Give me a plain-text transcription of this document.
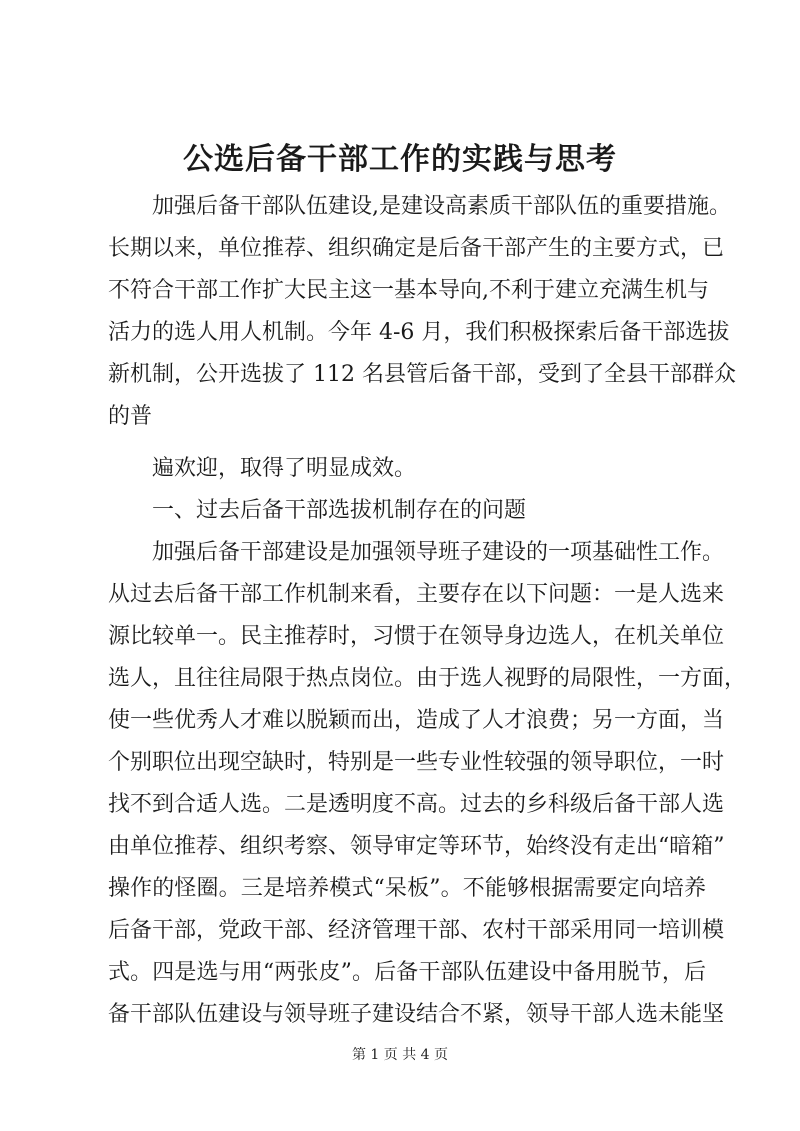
公选后备干部工作的实践与思考
加强后备干部队伍建设,是建设高素质干部队伍的重要措施。
长期以来，单位推荐、组织确定是后备干部产生的主要方式，已
不符合干部工作扩大民主这一基本导向,不利于建立充满生机与
活力的选人用人机制。今年 4-6 月，我们积极探索后备干部选拔
新机制，公开选拔了 112 名县管后备干部，受到了全县干部群众
的普
遍欢迎，取得了明显成效。
一、过去后备干部选拔机制存在的问题
加强后备干部建设是加强领导班子建设的一项基础性工作。
从过去后备干部工作机制来看，主要存在以下问题：一是人选来
源比较单一。民主推荐时，习惯于在领导身边选人，在机关单位
选人，且往往局限于热点岗位。由于选人视野的局限性，一方面，
使一些优秀人才难以脱颖而出，造成了人才浪费；另一方面，当
个别职位出现空缺时，特别是一些专业性较强的领导职位，一时
找不到合适人选。二是透明度不高。过去的乡科级后备干部人选
由单位推荐、组织考察、领导审定等环节，始终没有走出“暗箱”
操作的怪圈。三是培养模式“呆板”。不能够根据需要定向培养
后备干部，党政干部、经济管理干部、农村干部采用同一培训模
式。四是选与用“两张皮”。后备干部队伍建设中备用脱节，后
备干部队伍建设与领导班子建设结合不紧，领导干部人选未能坚
第 1 页 共 4 页
